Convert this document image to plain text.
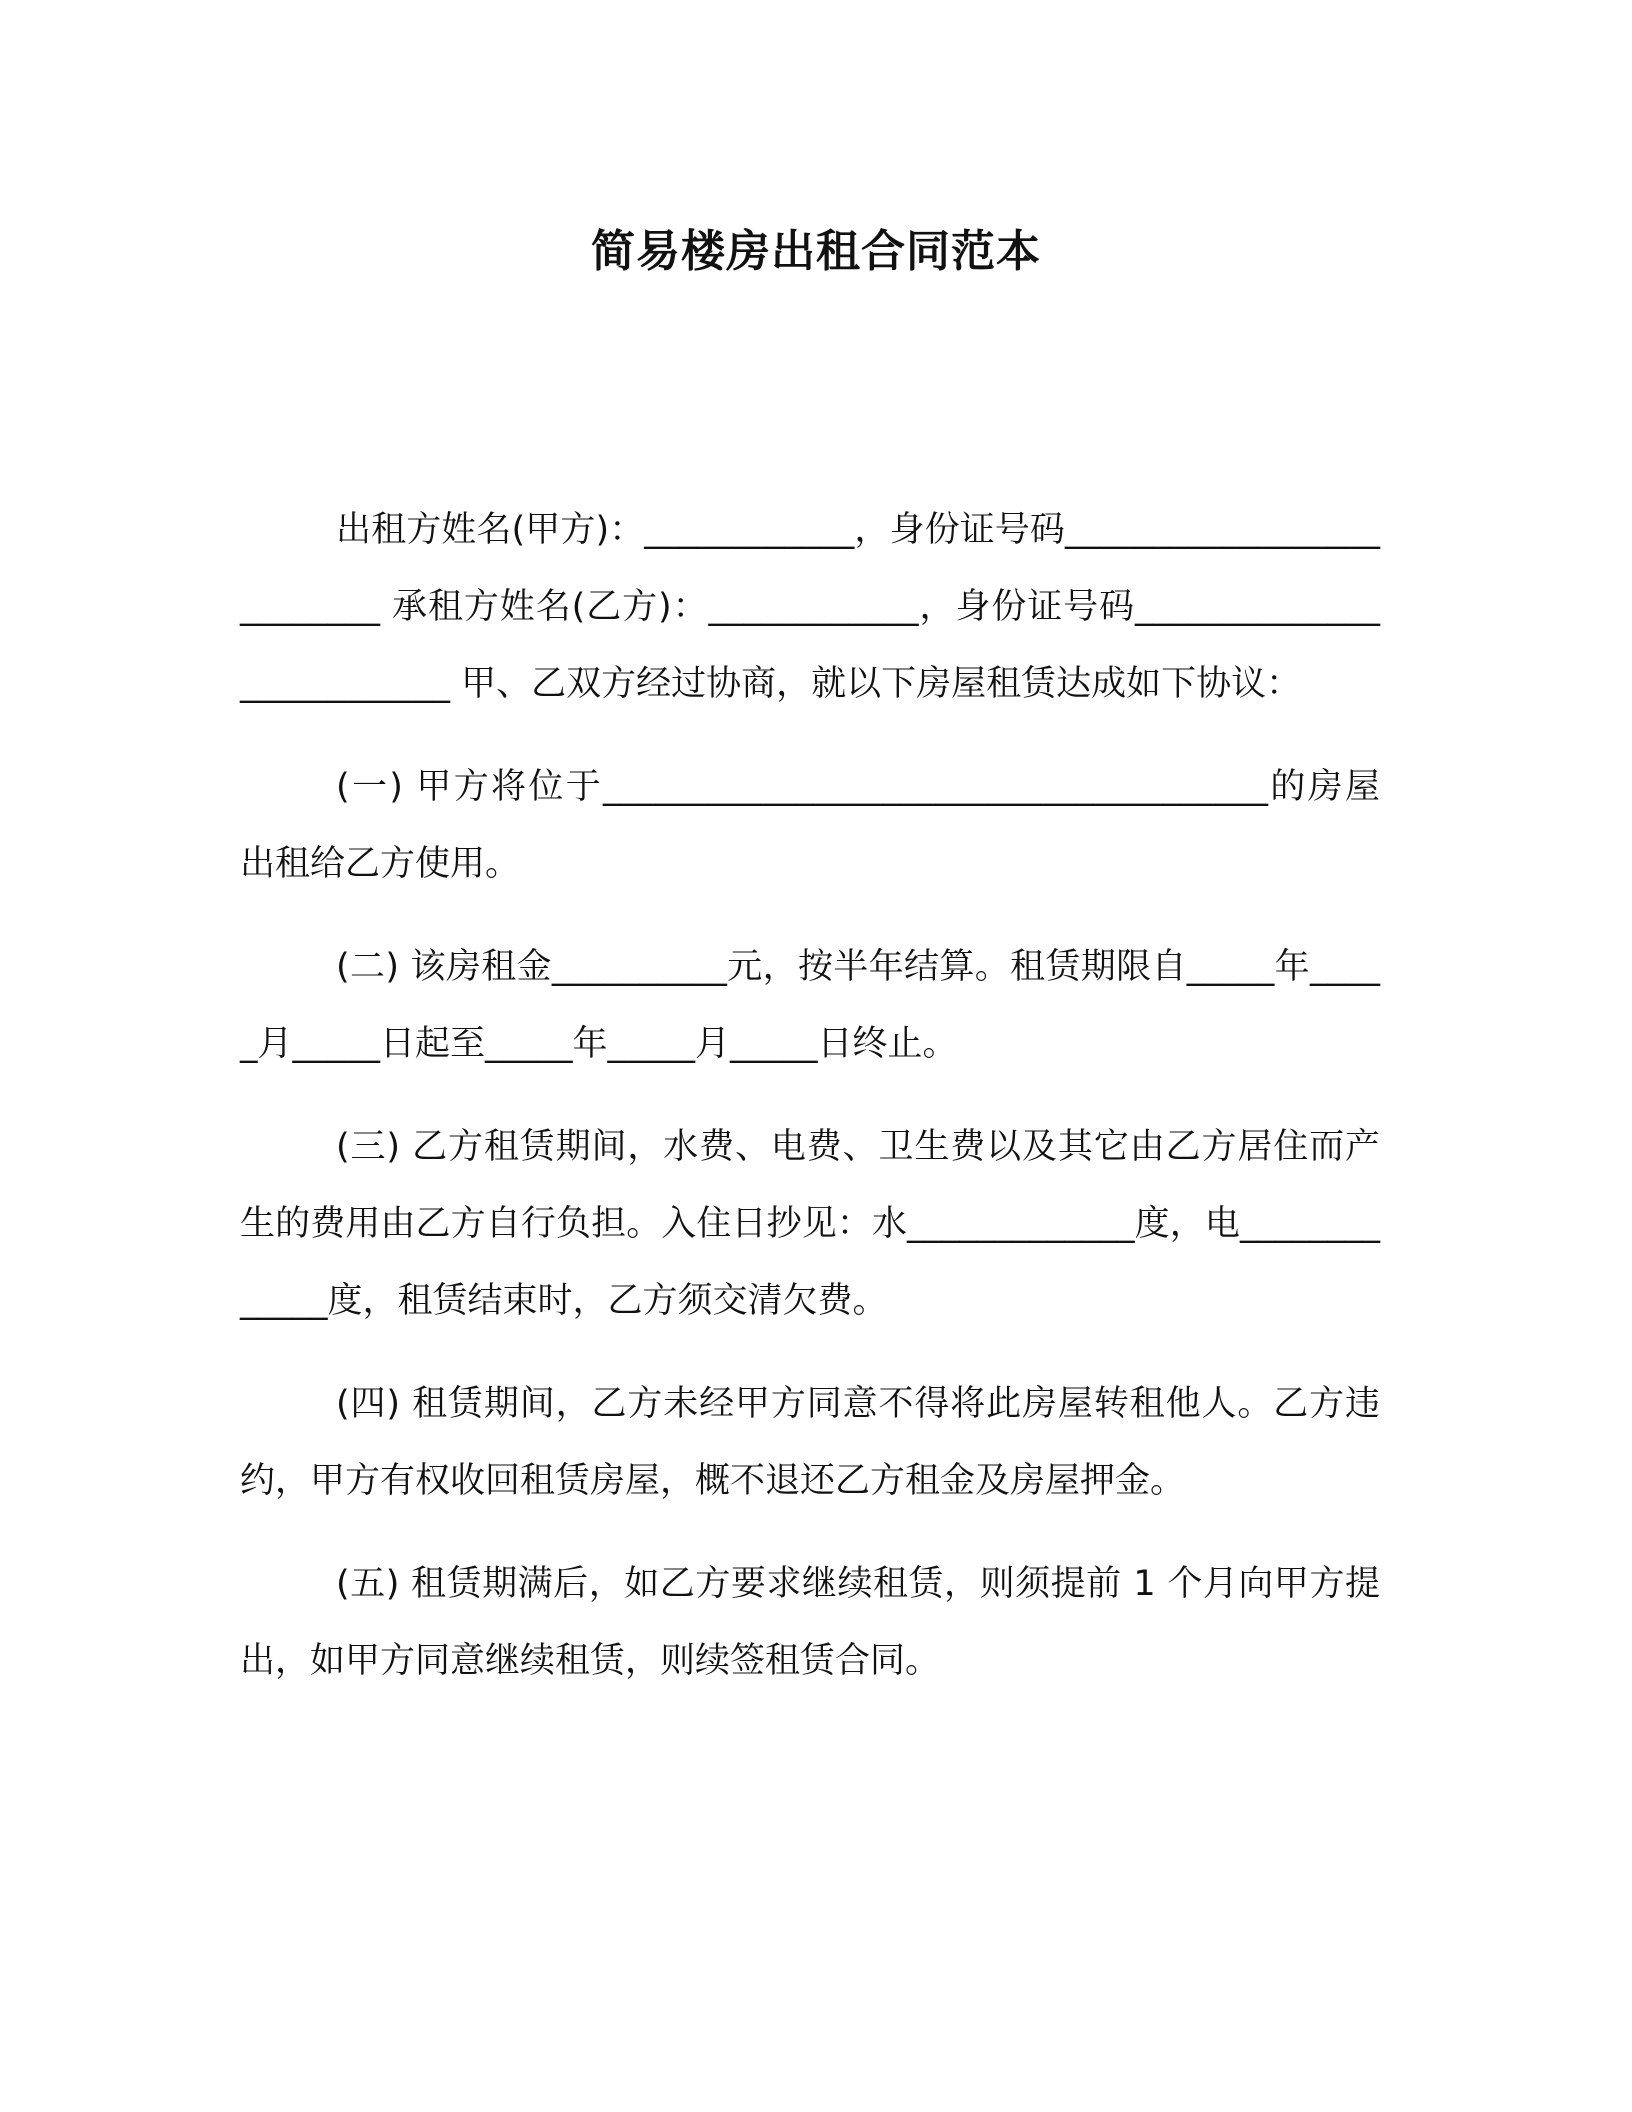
简易楼房出租合同范本

出租方姓名(甲方)：____________，身份证号码__________________________ 承租方姓名(乙方)：____________，身份证号码__________________________ 甲、乙双方经过协商，就以下房屋租赁达成如下协议：

(一) 甲方将位于______________________________________的房屋出租给乙方使用。

(二) 该房租金__________元，按半年结算。租赁期限自_____年_____月_____日起至_____年_____月_____日终止。

(三) 乙方租赁期间，水费、电费、卫生费以及其它由乙方居住而产生的费用由乙方自行负担。入住日抄见：水_____________度，电_____________度，租赁结束时，乙方须交清欠费。

(四) 租赁期间，乙方未经甲方同意不得将此房屋转租他人。乙方违约，甲方有权收回租赁房屋，概不退还乙方租金及房屋押金。

(五) 租赁期满后，如乙方要求继续租赁，则须提前 1 个月向甲方提出，如甲方同意继续租赁，则续签租赁合同。
